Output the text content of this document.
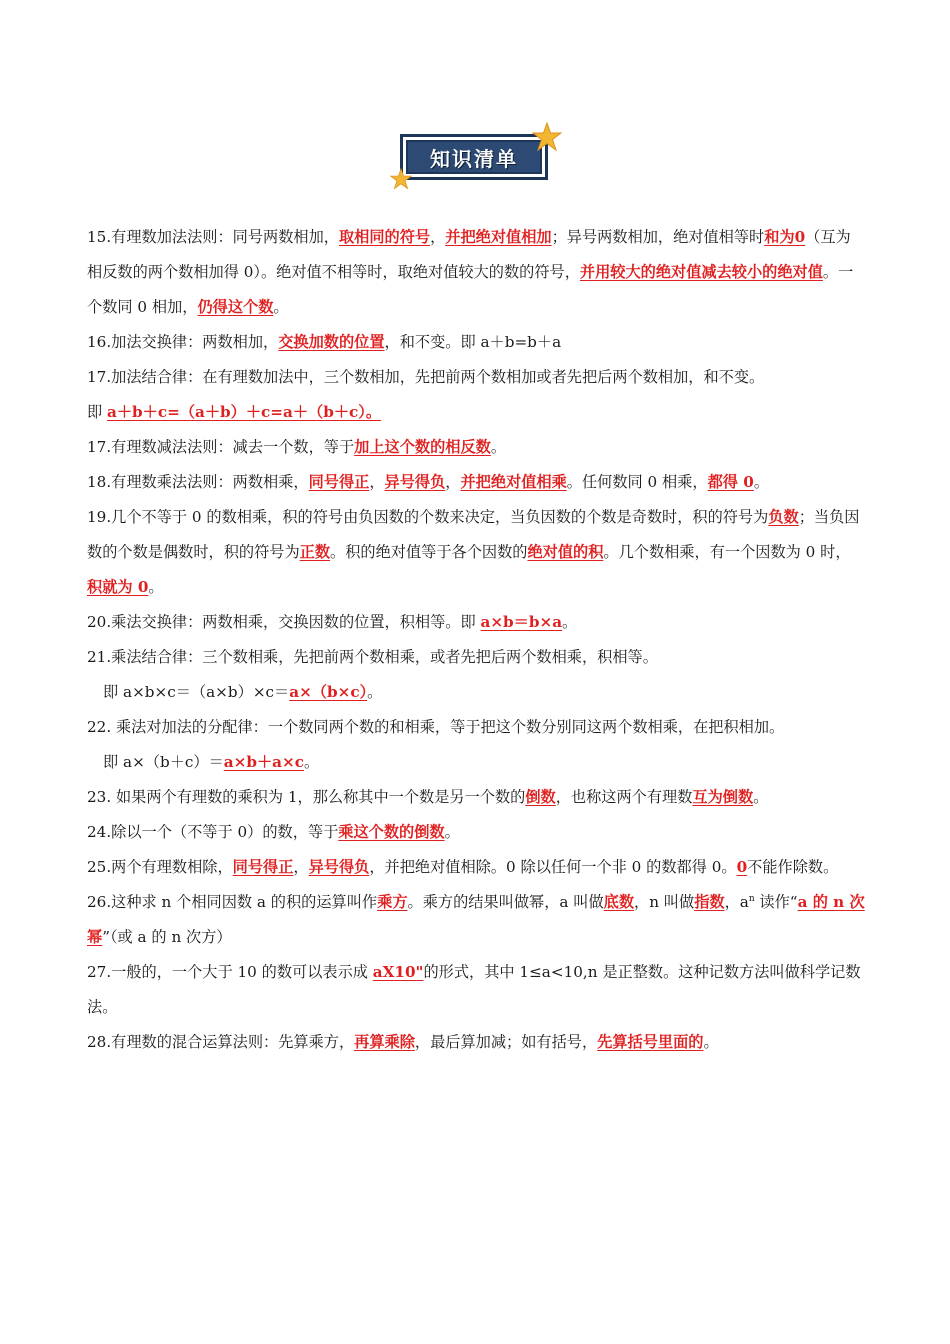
知识清单

15.有理数加法法则：同号两数相加，取相同的符号，并把绝对值相加；异号两数相加，绝对值相等时和为0（互为相反数的两个数相加得 0）。绝对值不相等时，取绝对值较大的数的符号，并用较大的绝对值减去较小的绝对值。一个数同 0 相加，仍得这个数。

16.加法交换律：两数相加，交换加数的位置，和不变。即 a＋b=b＋a

17.加法结合律：在有理数加法中，三个数相加，先把前两个数相加或者先把后两个数相加，和不变。

即 a＋b＋c=（a＋b）＋c=a＋（b＋c）。

17.有理数减法法则：减去一个数，等于加上这个数的相反数。

18.有理数乘法法则：两数相乘，同号得正，异号得负，并把绝对值相乘。任何数同 0 相乘，都得 0。

19.几个不等于 0 的数相乘，积的符号由负因数的个数来决定，当负因数的个数是奇数时，积的符号为负数；当负因数的个数是偶数时，积的符号为正数。积的绝对值等于各个因数的绝对值的积。几个数相乘，有一个因数为 0 时，积就为 0。

20.乘法交换律：两数相乘，交换因数的位置，积相等。即 a×b＝b×a。

21.乘法结合律：三个数相乘，先把前两个数相乘，或者先把后两个数相乘，积相等。

即 a×b×c＝（a×b）×c＝a×（b×c）。

22. 乘法对加法的分配律：一个数同两个数的和相乘，等于把这个数分别同这两个数相乘，在把积相加。

即 a×（b＋c）＝a×b＋a×c。

23. 如果两个有理数的乘积为 1，那么称其中一个数是另一个数的倒数，也称这两个有理数互为倒数。

24.除以一个（不等于 0）的数，等于乘这个数的倒数。

25.两个有理数相除，同号得正，异号得负，并把绝对值相除。0 除以任何一个非 0 的数都得 0。0不能作除数。

26.这种求 n 个相同因数 a 的积的运算叫作乘方。乘方的结果叫做幂，a 叫做底数，n 叫做指数，$a^n$ 读作“a 的 n 次幂”（或 a 的 n 次方）

27.一般的，一个大于 10 的数可以表示成 aX10"的形式，其中 1≤a<10,n 是正整数。这种记数方法叫做科学记数法。

28.有理数的混合运算法则：先算乘方，再算乘除，最后算加减；如有括号，先算括号里面的。
